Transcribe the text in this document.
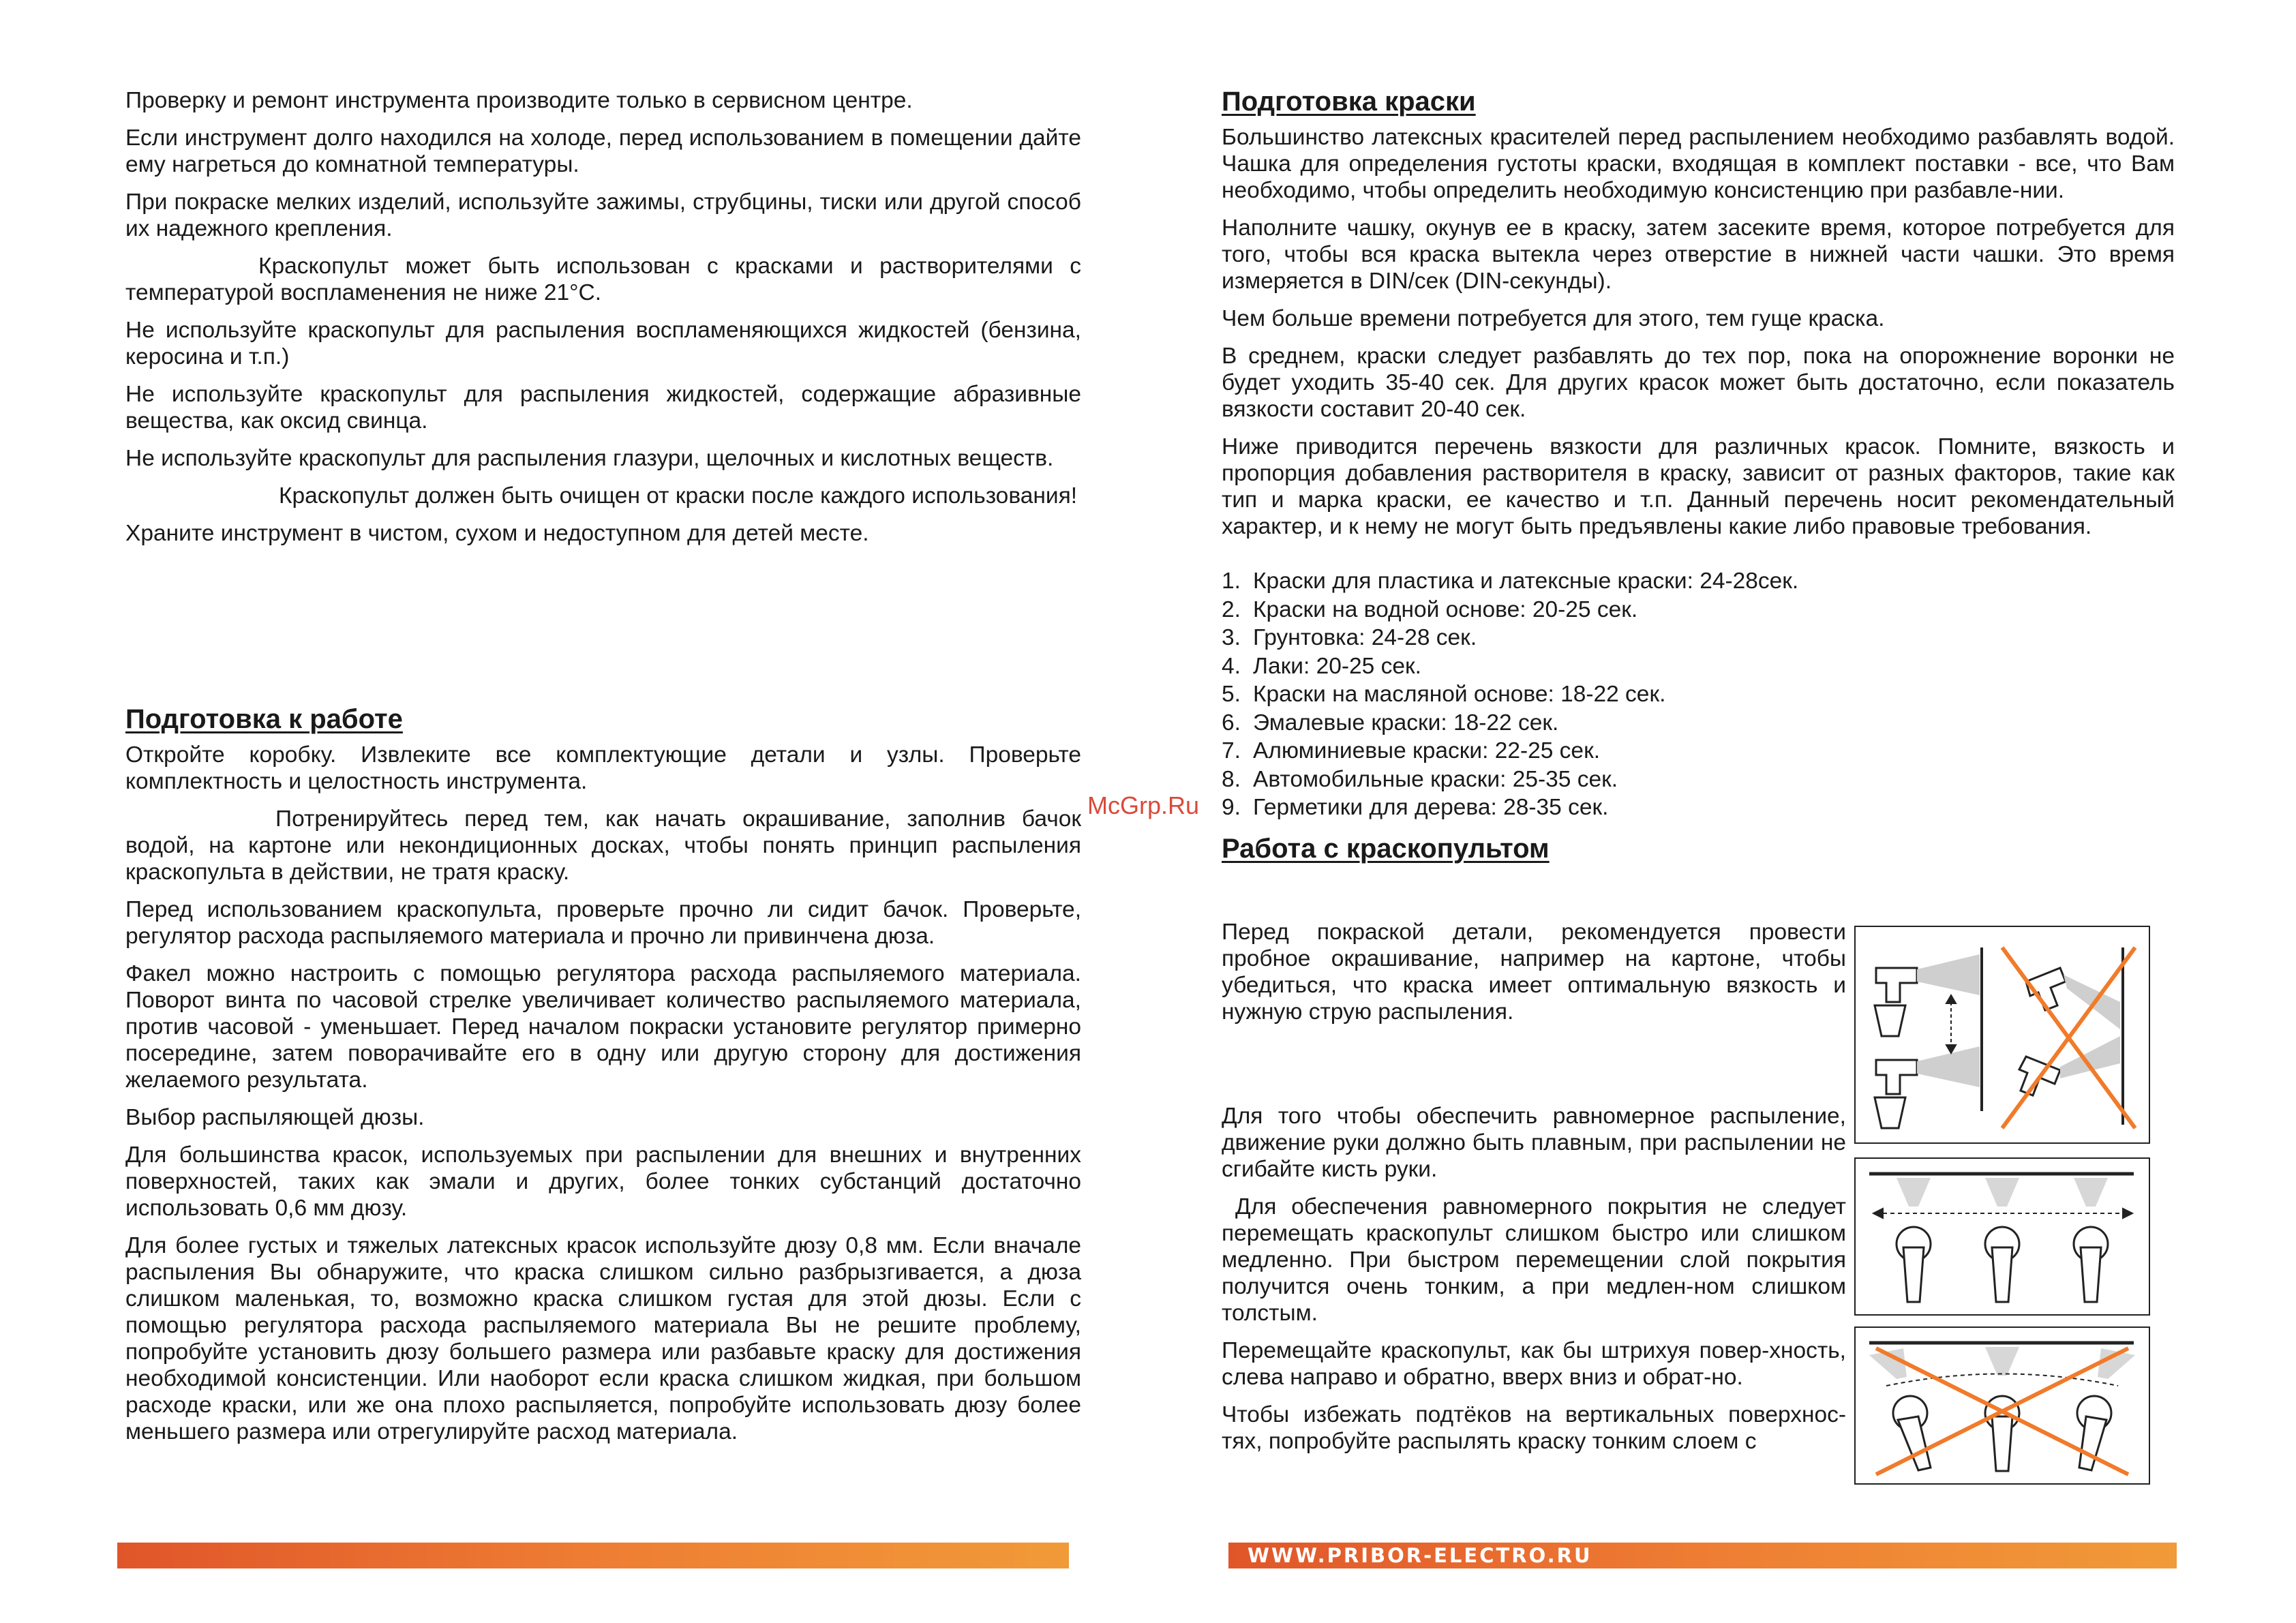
Проверку и ремонт инструмента производите только в сервисном центре.

Если инструмент долго находился на холоде, перед использованием в помещении дайте ему нагреться до комнатной температуры.

При покраске мелких изделий, используйте зажимы, струбцины, тиски или другой способ их надежного крепления.

Краскопульт может быть использован с красками и растворителями с температурой воспламенения не ниже 21°С.

Не используйте краскопульт для распыления воспламеняющихся жидкостей (бензина, керосина и т.п.)

Не используйте краскопульт для распыления жидкостей, содержащие абразивные вещества, как оксид свинца.

Не используйте краскопульт для распыления глазури, щелочных и кислотных веществ.

Краскопульт должен быть очищен от краски после каждого использования!

Храните инструмент в чистом, сухом и недоступном для детей месте.

Подготовка к работе

Откройте коробку. Извлеките все комплектующие детали и узлы. Проверьте комплектность и целостность инструмента.

Потренируйтесь перед тем, как начать окрашивание, заполнив бачок водой, на картоне или некондиционных досках, чтобы понять принцип распыления краскопульта в действии, не тратя краску.

Перед использованием краскопульта, проверьте прочно ли сидит бачок. Проверьте, регулятор расхода распыляемого материала и прочно ли привинчена дюза.

Факел можно настроить с помощью регулятора расхода распыляемого материала. Поворот винта по часовой стрелке увеличивает количество распыляемого материала, против часовой - уменьшает. Перед началом покраски установите регулятор примерно посередине, затем поворачивайте его в одну или другую сторону для достижения желаемого результата.

Выбор распыляющей дюзы.

Для большинства красок, используемых при распылении для внешних и внутренних поверхностей, таких как эмали и других, более тонких субстанций достаточно использовать 0,6 мм дюзу.

Для более густых и тяжелых латексных красок используйте дюзу 0,8 мм. Если вначале распыления Вы обнаружите, что краска слишком сильно разбрызгивается, а дюза слишком маленькая, то, возможно краска слишком густая для этой дюзы. Если с помощью регулятора расхода распыляемого материала Вы не решите проблему, попробуйте установить дюзу большего размера или разбавьте краску для достижения необходимой консистенции. Или наоборот если краска слишком жидкая, при большом расходе краски, или же она плохо распыляется, попробуйте использовать дюзу более меньшего размера или отрегулируйте расход материала.

McGrp.Ru
Подготовка краски

Большинство латексных красителей перед распылением необходимо разбавлять водой. Чашка для определения густоты краски, входящая в комплект поставки - все, что Вам необходимо, чтобы определить необходимую консистенцию при разбавле-нии.

Наполните чашку, окунув ее в краску, затем засеките время, которое потребуется для того, чтобы вся краска вытекла через отверстие в нижней части чашки. Это время измеряется в DIN/сек (DIN-секунды).

Чем больше времени потребуется для этого, тем гуще краска.

В среднем, краски следует разбавлять до тех пор, пока на опорожнение воронки не будет уходить 35-40 сек. Для других красок может быть достаточно, если показатель вязкости составит 20-40 сек.

Ниже приводится перечень вязкости для различных красок. Помните, вязкость и пропорция добавления растворителя в краску, зависит от разных факторов, такие как тип и марка краски, ее качество и т.п. Данный перечень носит рекомендательный характер, и к нему не могут быть предъявлены какие либо правовые требования.

1. Краски для пластика и латексные краски: 24-28сек.
2. Краски на водной основе: 20-25 сек.
3. Грунтовка: 24-28 сек.
4. Лаки: 20-25 сек.
5. Краски на масляной основе: 18-22 сек.
6. Эмалевые краски: 18-22 сек.
7. Алюминиевые краски: 22-25 сек.
8. Автомобильные краски: 25-35 сек.
9. Герметики для дерева: 28-35 сек.
Работа с краскопультом

Перед покраской детали, рекомендуется провести пробное окрашивание, например на картоне, чтобы убедиться, что краска имеет оптимальную вязкость и нужную струю распыления.

Для того чтобы обеспечить равномерное распыление, движение руки должно быть плавным, при распылении не сгибайте кисть руки.

Для обеспечения равномерного покрытия не следует перемещать краскопульт слишком быстро или слишком медленно. При быстром перемещении слой покрытия получится очень тонким, а при медлен-ном слишком толстым.

Перемещайте краскопульт, как бы штрихуя повер-хность, слева направо и обратно, вверх вниз и обрат-но.

Чтобы избежать подтёков на вертикальных поверхнос-тях, попробуйте распылять краску тонким слоем с

WWW.PRIBOR-ELECTRO.RU
